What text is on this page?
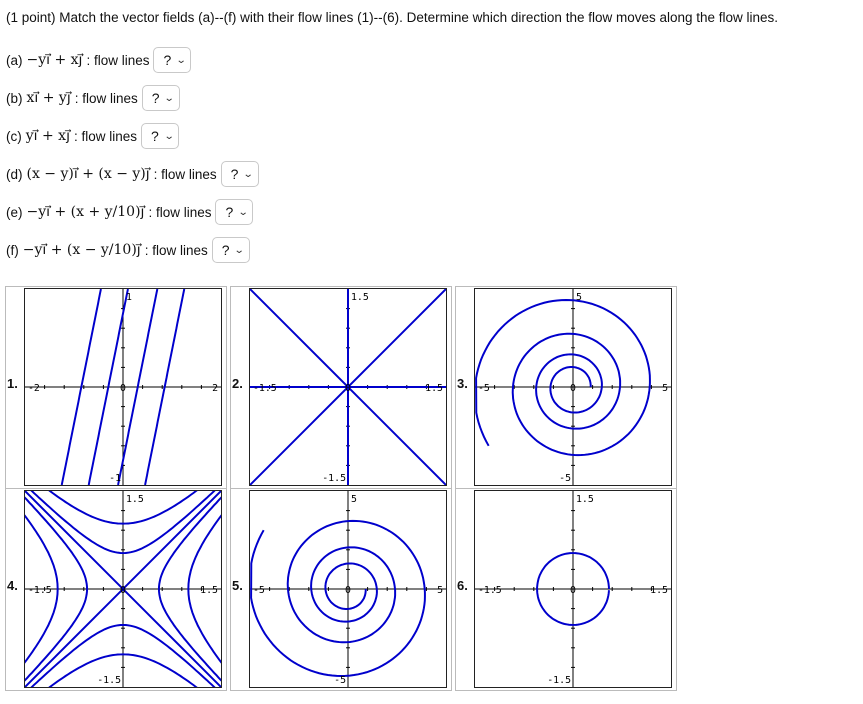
(1 point) Match the vector fields (a)--(f) with their flow lines (1)--(6). Determine which direction the flow moves along the flow lines.
(a) −yi⃗ + xj⃗ : flow lines ? ⌄
(b) xi⃗ + yj⃗ : flow lines ? ⌄
(c) yi⃗ + xj⃗ : flow lines ? ⌄
(d) (x − y)i⃗ + (x − y)j⃗ : flow lines ? ⌄
(e) −yi⃗ + (x + y/10)j⃗ : flow lines ? ⌄
(f) −yi⃗ + (x − y/10)j⃗ : flow lines ? ⌄
1. -2	2
1
-1
0	2. -1.5	1.5
1.5
-1.5
0	3. -5	5
5
-5
0
4. -1.5	1.5
1.5
-1.5
0	5. -5	5
5
-5
0	6. -1.5	1.5
1.5
-1.5
0
